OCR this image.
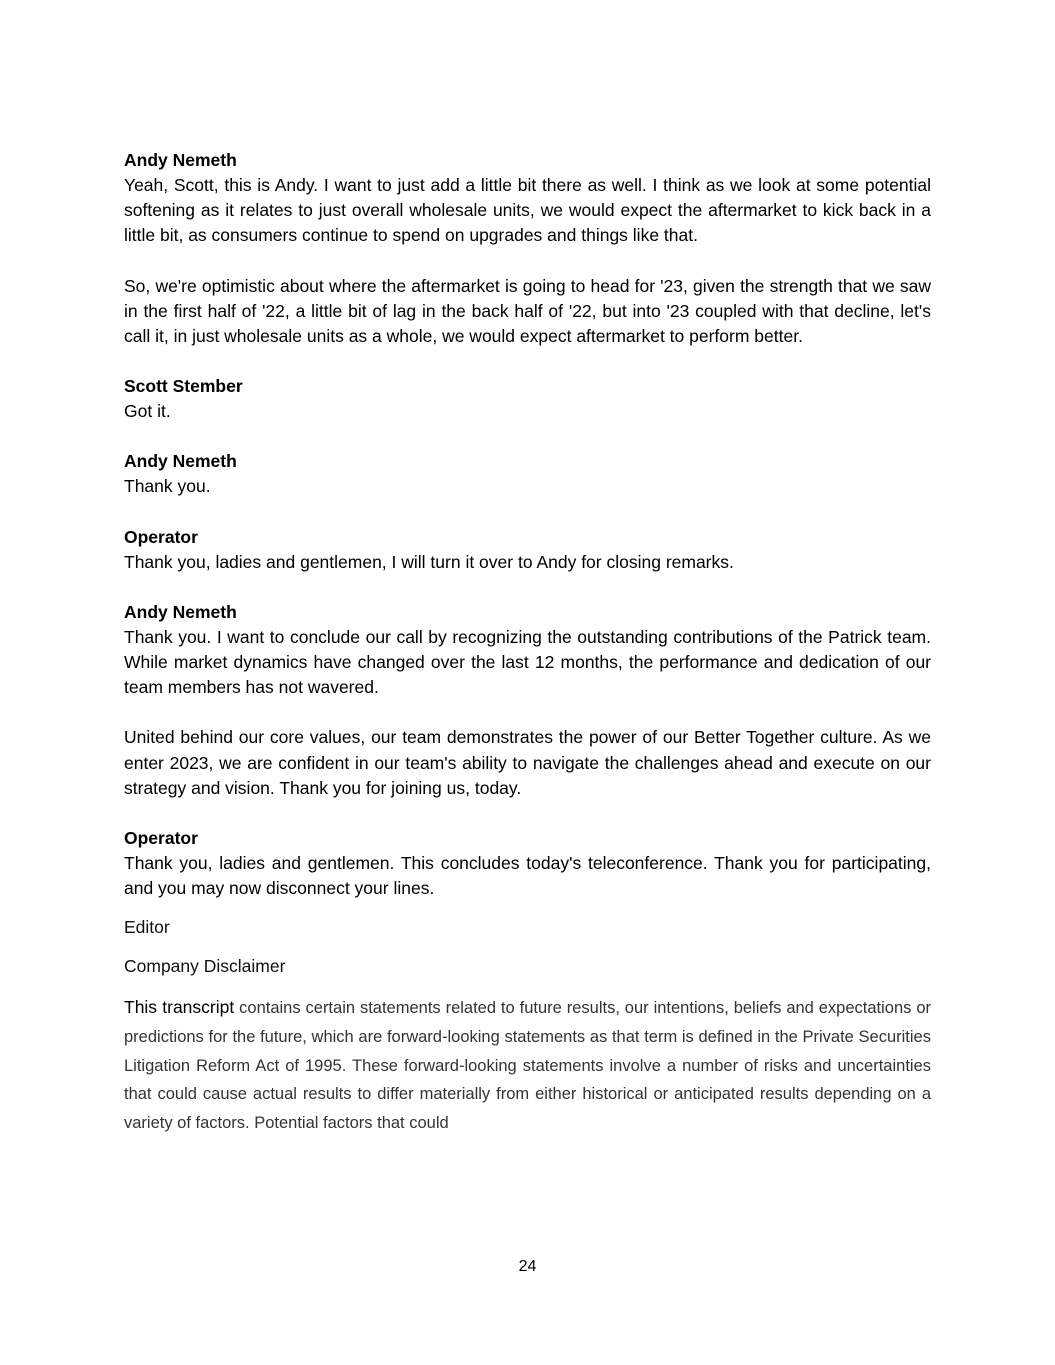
Andy Nemeth

Yeah, Scott, this is Andy. I want to just add a little bit there as well. I think as we look at some potential softening as it relates to just overall wholesale units, we would expect the aftermarket to kick back in a little bit, as consumers continue to spend on upgrades and things like that.

So, we're optimistic about where the aftermarket is going to head for '23, given the strength that we saw in the first half of '22, a little bit of lag in the back half of '22, but into '23 coupled with that decline, let's call it, in just wholesale units as a whole, we would expect aftermarket to perform better.

Scott Stember

Got it.

Andy Nemeth

Thank you.

Operator

Thank you, ladies and gentlemen, I will turn it over to Andy for closing remarks.

Andy Nemeth

Thank you. I want to conclude our call by recognizing the outstanding contributions of the Patrick team. While market dynamics have changed over the last 12 months, the performance and dedication of our team members has not wavered.

United behind our core values, our team demonstrates the power of our Better Together culture. As we enter 2023, we are confident in our team's ability to navigate the challenges ahead and execute on our strategy and vision. Thank you for joining us, today.

Operator

Thank you, ladies and gentlemen. This concludes today's teleconference. Thank you for participating, and you may now disconnect your lines.

Editor

Company Disclaimer

This transcript contains certain statements related to future results, our intentions, beliefs and expectations or predictions for the future, which are forward-looking statements as that term is defined in the Private Securities Litigation Reform Act of 1995. These forward-looking statements involve a number of risks and uncertainties that could cause actual results to differ materially from either historical or anticipated results depending on a variety of factors. Potential factors that could

24
